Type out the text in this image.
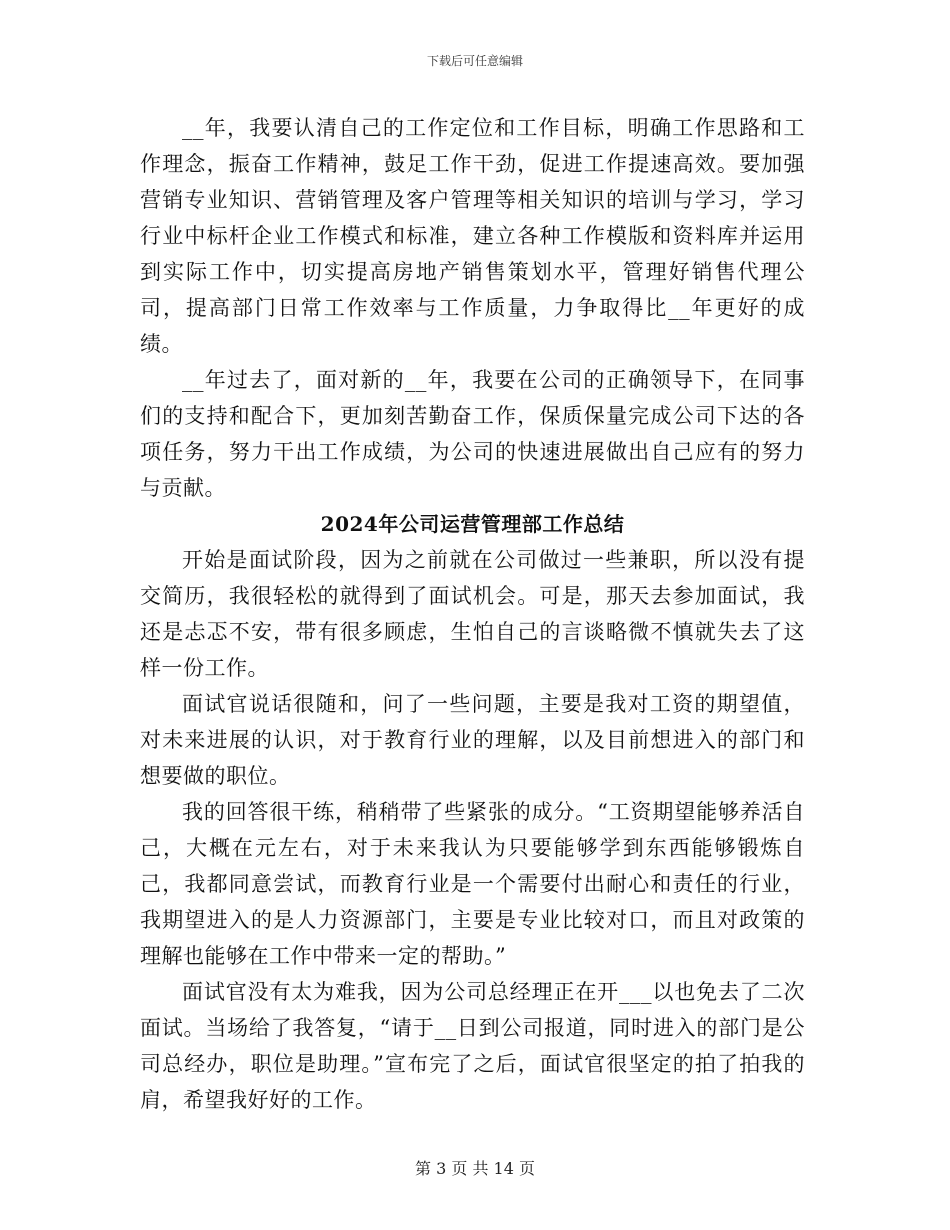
下载后可任意编辑

__年，我要认清自己的工作定位和工作目标，明确工作思路和工作理念，振奋工作精神，鼓足工作干劲，促进工作提速高效。要加强营销专业知识、营销管理及客户管理等相关知识的培训与学习，学习行业中标杆企业工作模式和标准，建立各种工作模版和资料库并运用到实际工作中，切实提高房地产销售策划水平，管理好销售代理公司，提高部门日常工作效率与工作质量，力争取得比__年更好的成绩。

__年过去了，面对新的__年，我要在公司的正确领导下，在同事们的支持和配合下，更加刻苦勤奋工作，保质保量完成公司下达的各项任务，努力干出工作成绩，为公司的快速进展做出自己应有的努力与贡献。

2024年公司运营管理部工作总结

开始是面试阶段，因为之前就在公司做过一些兼职，所以没有提交简历，我很轻松的就得到了面试机会。可是，那天去参加面试，我还是忐忑不安，带有很多顾虑，生怕自己的言谈略微不慎就失去了这样一份工作。

面试官说话很随和，问了一些问题，主要是我对工资的期望值，对未来进展的认识，对于教育行业的理解，以及目前想进入的部门和想要做的职位。

我的回答很干练，稍稍带了些紧张的成分。“工资期望能够养活自己，大概在元左右，对于未来我认为只要能够学到东西能够锻炼自己，我都同意尝试，而教育行业是一个需要付出耐心和责任的行业，我期望进入的是人力资源部门，主要是专业比较对口，而且对政策的理解也能够在工作中带来一定的帮助。”

面试官没有太为难我，因为公司总经理正在开___以也免去了二次面试。当场给了我答复，“请于__日到公司报道，同时进入的部门是公司总经办，职位是助理。”宣布完了之后，面试官很坚定的拍了拍我的肩，希望我好好的工作。

第 3 页 共 14 页
